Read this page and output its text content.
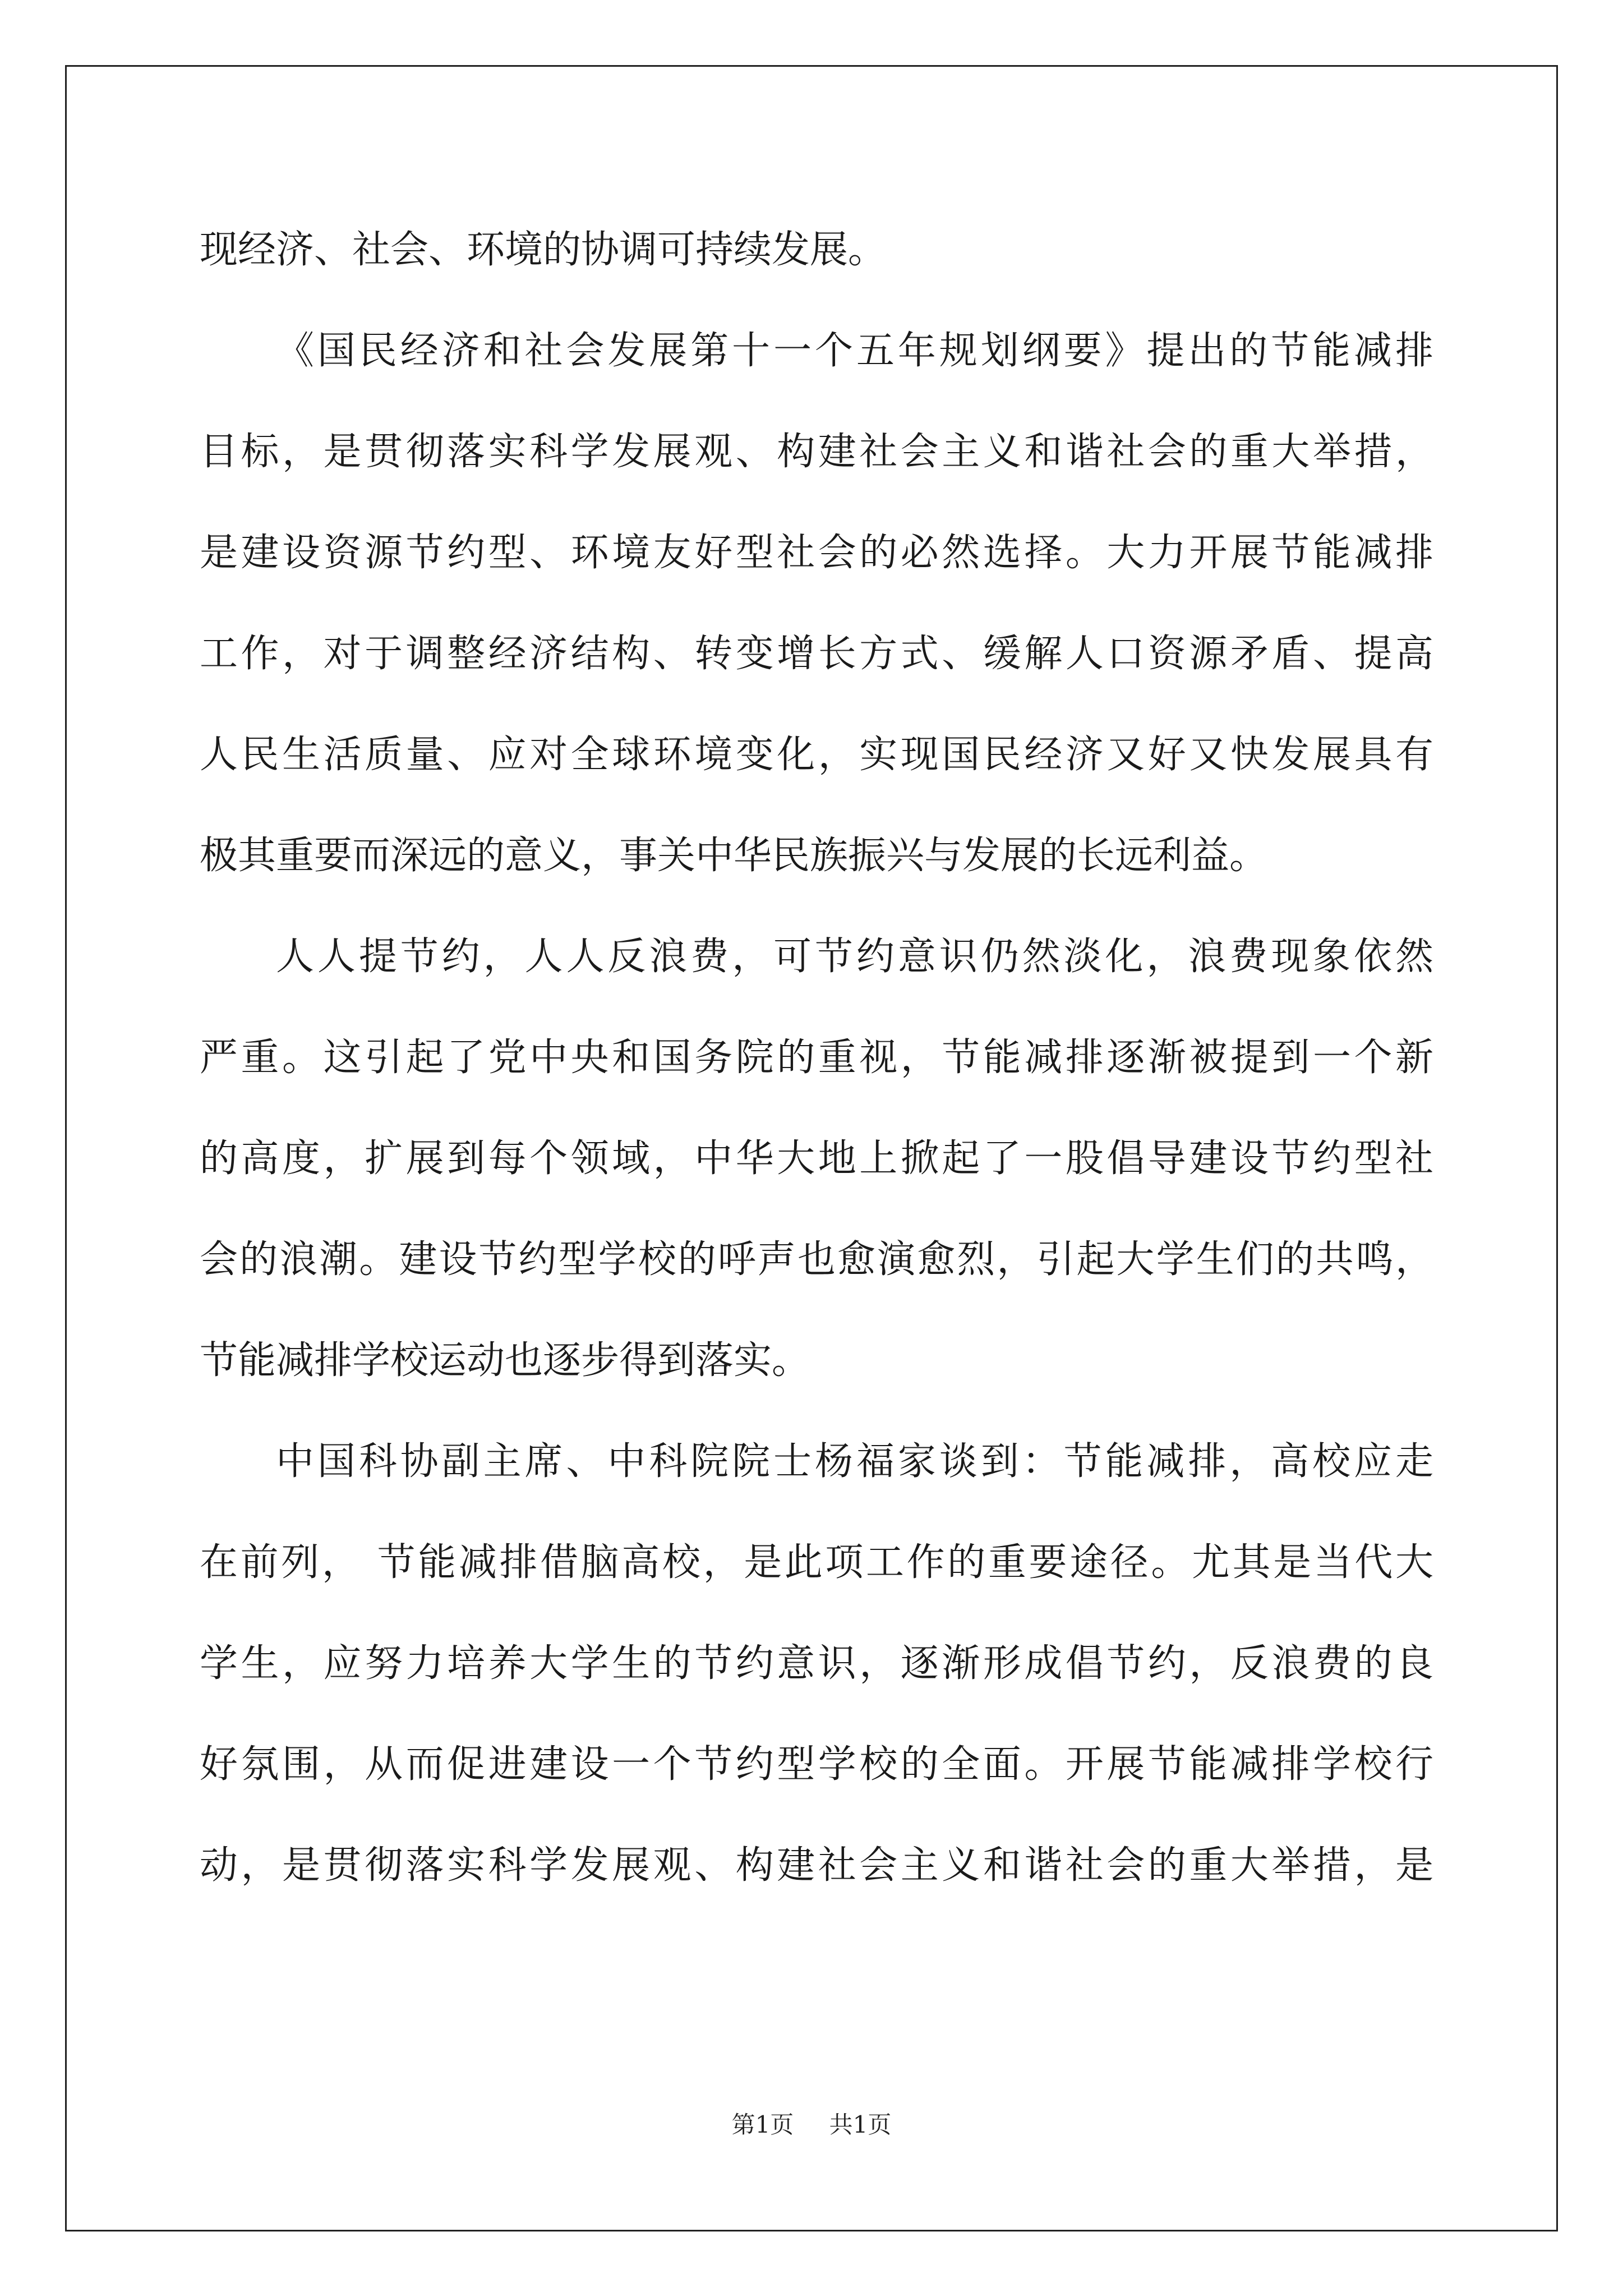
现经济、社会、环境的协调可持续发展。
《国民经济和社会发展第十一个五年规划纲要》提出的节能减排
目标，是贯彻落实科学发展观、构建社会主义和谐社会的重大举措，
是建设资源节约型、环境友好型社会的必然选择。大力开展节能减排
工作，对于调整经济结构、转变增长方式、缓解人口资源矛盾、提高
人民生活质量、应对全球环境变化，实现国民经济又好又快发展具有
极其重要而深远的意义，事关中华民族振兴与发展的长远利益。
人人提节约，人人反浪费，可节约意识仍然淡化，浪费现象依然
严重。这引起了党中央和国务院的重视，节能减排逐渐被提到一个新
的高度，扩展到每个领域，中华大地上掀起了一股倡导建设节约型社
会的浪潮。建设节约型学校的呼声也愈演愈烈，引起大学生们的共鸣，
节能减排学校运动也逐步得到落实。
中国科协副主席、中科院院士杨福家谈到：节能减排，高校应走
在前列， 节能减排借脑高校，是此项工作的重要途径。尤其是当代大
学生，应努力培养大学生的节约意识，逐渐形成倡节约，反浪费的良
好氛围，从而促进建设一个节约型学校的全面。开展节能减排学校行
动，是贯彻落实科学发展观、构建社会主义和谐社会的重大举措，是
第1页 共1页
